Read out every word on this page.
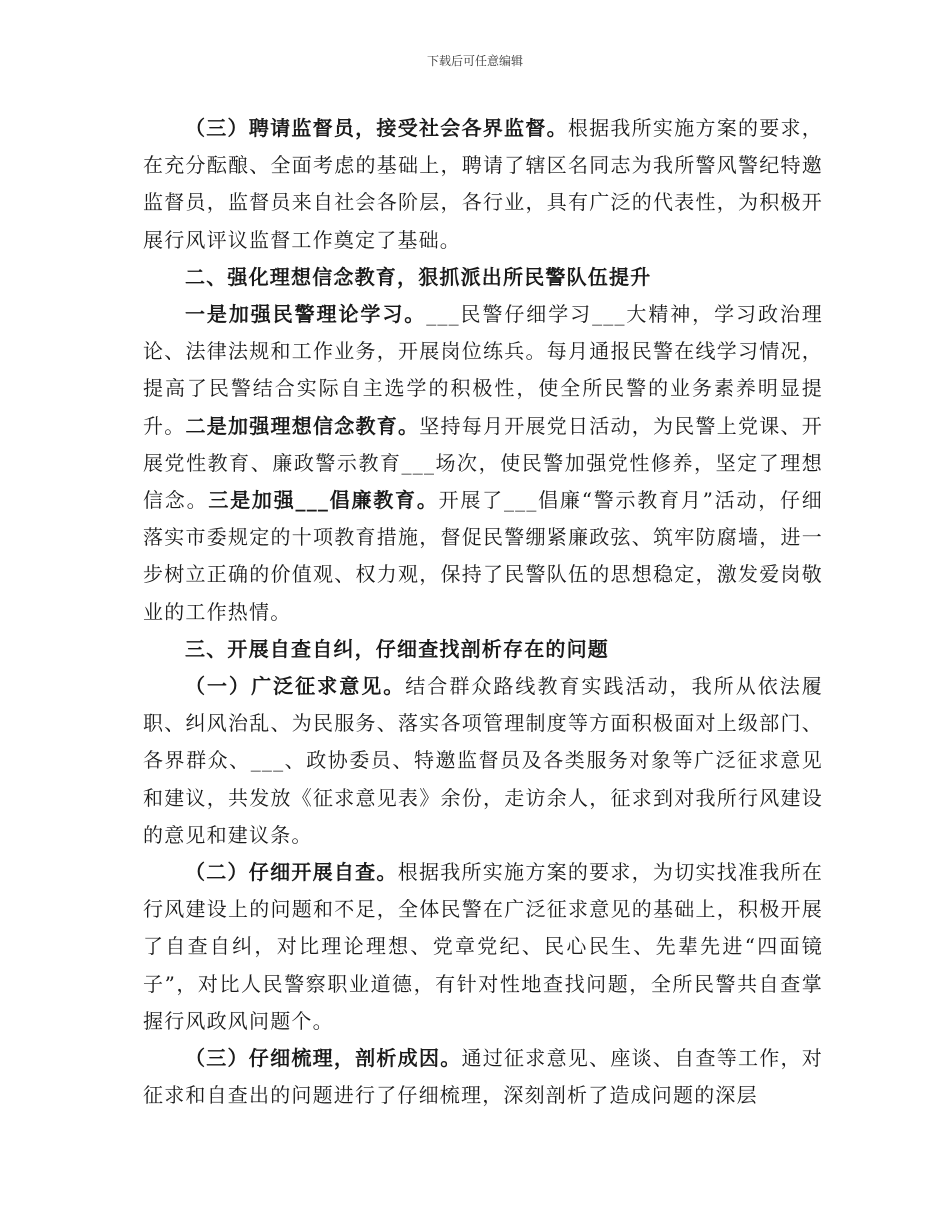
下载后可任意编辑

（三）聘请监督员，接受社会各界监督。根据我所实施方案的要求，在充分酝酿、全面考虑的基础上，聘请了辖区名同志为我所警风警纪特邀监督员，监督员来自社会各阶层，各行业，具有广泛的代表性，为积极开展行风评议监督工作奠定了基础。

二、强化理想信念教育，狠抓派出所民警队伍提升

一是加强民警理论学习。___民警仔细学习___大精神，学习政治理论、法律法规和工作业务，开展岗位练兵。每月通报民警在线学习情况，提高了民警结合实际自主选学的积极性，使全所民警的业务素养明显提升。二是加强理想信念教育。坚持每月开展党日活动，为民警上党课、开展党性教育、廉政警示教育___场次，使民警加强党性修养，坚定了理想信念。三是加强___倡廉教育。开展了___倡廉“警示教育月”活动，仔细落实市委规定的十项教育措施，督促民警绷紧廉政弦、筑牢防腐墙，进一步树立正确的价值观、权力观，保持了民警队伍的思想稳定，激发爱岗敬业的工作热情。

三、开展自查自纠，仔细查找剖析存在的问题

（一）广泛征求意见。结合群众路线教育实践活动，我所从依法履职、纠风治乱、为民服务、落实各项管理制度等方面积极面对上级部门、各界群众、___、政协委员、特邀监督员及各类服务对象等广泛征求意见和建议，共发放《征求意见表》余份，走访余人，征求到对我所行风建设的意见和建议条。

（二）仔细开展自查。根据我所实施方案的要求，为切实找准我所在行风建设上的问题和不足，全体民警在广泛征求意见的基础上，积极开展了自查自纠，对比理论理想、党章党纪、民心民生、先辈先进“四面镜子”，对比人民警察职业道德，有针对性地查找问题，全所民警共自查掌握行风政风问题个。

（三）仔细梳理，剖析成因。通过征求意见、座谈、自查等工作，对征求和自查出的问题进行了仔细梳理，深刻剖析了造成问题的深层
